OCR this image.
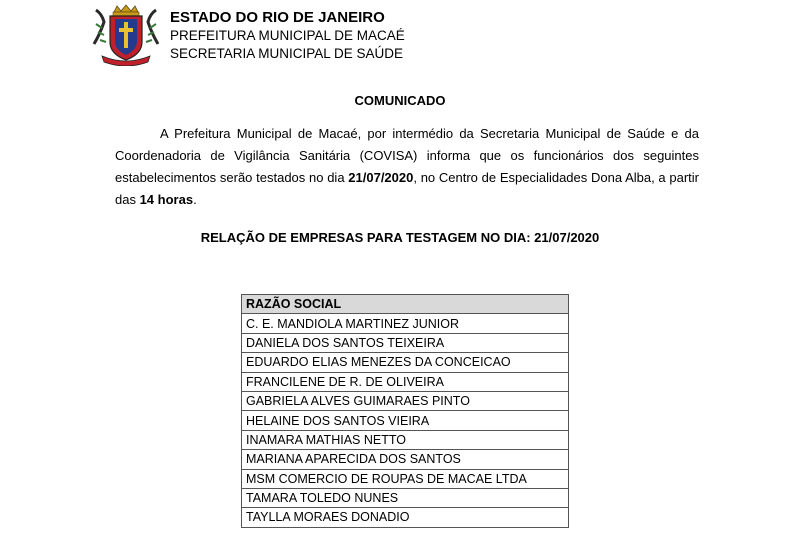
ESTADO DO RIO DE JANEIRO
PREFEITURA MUNICIPAL DE MACAÉ
SECRETARIA MUNICIPAL DE SAÚDE
COMUNICADO
A Prefeitura Municipal de Macaé, por intermédio da Secretaria Municipal de Saúde e da Coordenadoria de Vigilância Sanitária (COVISA) informa que os funcionários dos seguintes estabelecimentos serão testados no dia 21/07/2020, no Centro de Especialidades Dona Alba, a partir das 14 horas.
RELAÇÃO DE EMPRESAS PARA TESTAGEM NO DIA: 21/07/2020
RAZÃO SOCIAL
C. E. MANDIOLA MARTINEZ JUNIOR
DANIELA DOS SANTOS TEIXEIRA
EDUARDO ELIAS MENEZES DA CONCEICAO
FRANCILENE DE R. DE OLIVEIRA
GABRIELA ALVES GUIMARAES PINTO
HELAINE DOS SANTOS VIEIRA
INAMARA MATHIAS NETTO
MARIANA APARECIDA DOS SANTOS
MSM COMERCIO DE ROUPAS DE MACAE LTDA
TAMARA TOLEDO NUNES
TAYLLA MORAES DONADIO
